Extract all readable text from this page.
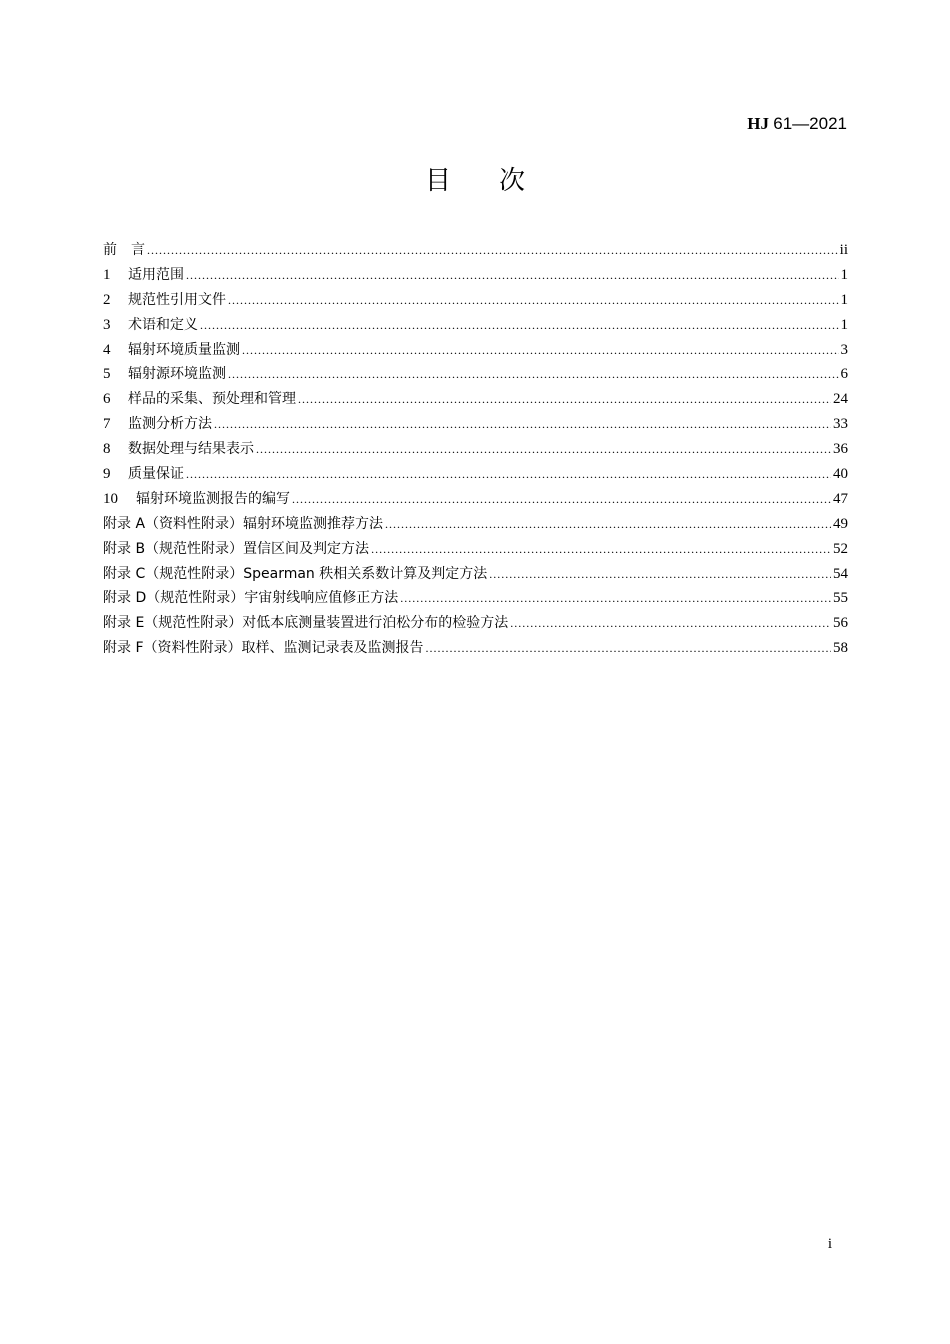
HJ 61—2021
目次
前　言 .....	ii
1	适用范围 .....	1
2	规范性引用文件 .....	1
3	术语和定义 .....	1
4	辐射环境质量监测 .....	3
5	辐射源环境监测 .....	6
6	样品的采集、预处理和管理 .....	24
7	监测分析方法 .....	33
8	数据处理与结果表示 .....	36
9	质量保证 .....	40
10	辐射环境监测报告的编写 .....	47
附录 A（资料性附录）辐射环境监测推荐方法 .....	49
附录 B（规范性附录）置信区间及判定方法 .....	52
附录 C（规范性附录）Spearman 秩相关系数计算及判定方法 .....	54
附录 D（规范性附录）宇宙射线响应值修正方法 .....	55
附录 E（规范性附录）对低本底测量装置进行泊松分布的检验方法 .....	56
附录 F（资料性附录）取样、监测记录表及监测报告 .....	58
i
